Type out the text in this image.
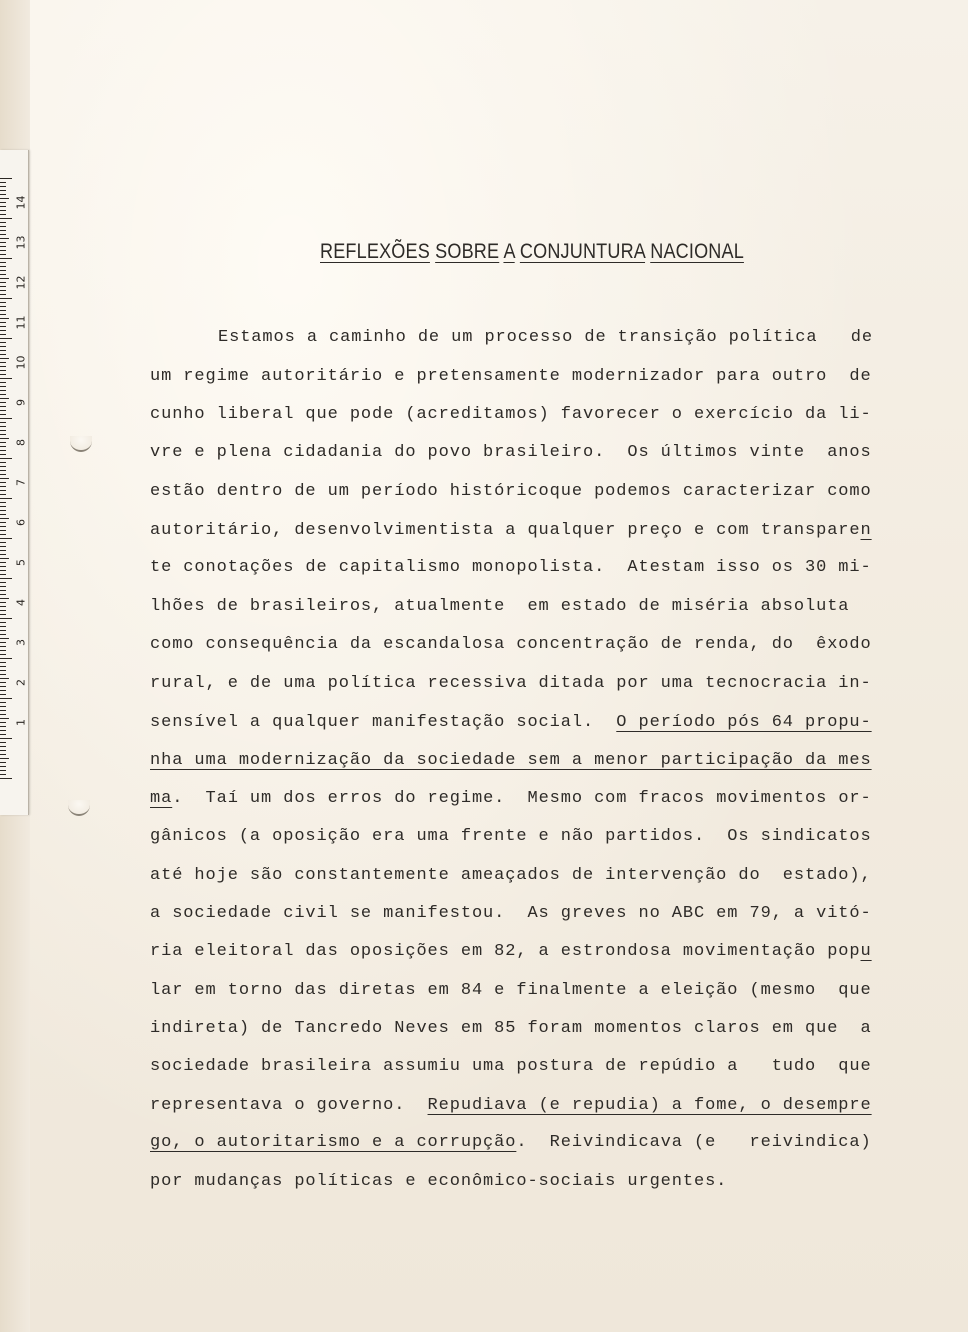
14
13
12
11
10
9
8
7
6
5
4
3
2
1
REFLEXÕES SOBRE A CONJUNTURA NACIONAL
Estamos a caminho de um processo de transição política   de
um regime autoritário e pretensamente modernizador para outro  de
cunho liberal que pode (acreditamos) favorecer o exercício da li-
vre e plena cidadania do povo brasileiro.  Os últimos vinte  anos
estão dentro de um período históricoque podemos caracterizar como
autoritário, desenvolvimentista a qualquer preço e com transparen
te conotações de capitalismo monopolista.  Atestam isso os 30 mi-
lhões de brasileiros, atualmente  em estado de miséria absoluta
como consequência da escandalosa concentração de renda, do  êxodo
rural, e de uma política recessiva ditada por uma tecnocracia in-
sensível a qualquer manifestação social.  O período pós 64 propu-
nha uma modernização da sociedade sem a menor participação da mes
ma.  Taí um dos erros do regime.  Mesmo com fracos movimentos or-
gânicos (a oposição era uma frente e não partidos.  Os sindicatos
até hoje são constantemente ameaçados de intervenção do  estado),
a sociedade civil se manifestou.  As greves no ABC em 79, a vitó-
ria eleitoral das oposições em 82, a estrondosa movimentação popu
lar em torno das diretas em 84 e finalmente a eleição (mesmo  que
indireta) de Tancredo Neves em 85 foram momentos claros em que  a
sociedade brasileira assumiu uma postura de repúdio a   tudo  que
representava o governo.  Repudiava (e repudia) a fome, o desempre
go, o autoritarismo e a corrupção.  Reivindicava (e   reivindica)
por mudanças políticas e econômico-sociais urgentes.
